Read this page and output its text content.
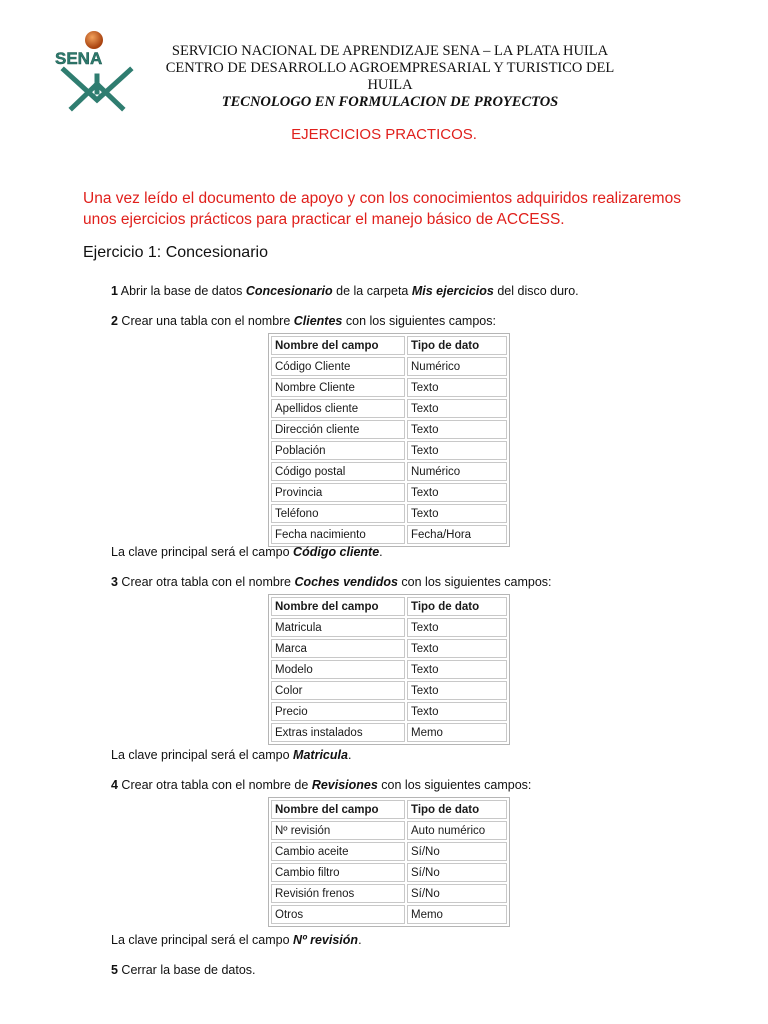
SENA	SERVICIO NACIONAL DE APRENDIZAJE SENA – LA PLATA HUILA
CENTRO DE DESARROLLO AGROEMPRESARIAL Y TURISTICO DEL HUILA
TECNOLOGO EN FORMULACION DE PROYECTOS
EJERCICIOS PRACTICOS.
Una vez leído el documento de apoyo y con los conocimientos adquiridos realizaremos unos ejercicios prácticos para practicar el manejo básico de ACCESS.
Ejercicio 1: Concesionario
1 Abrir la base de datos Concesionario de la carpeta Mis ejercicios del disco duro.
2 Crear una tabla con el nombre Clientes con los siguientes campos:
Nombre del campo	Tipo de dato
Código Cliente	Numérico
Nombre Cliente	Texto
Apellidos cliente	Texto
Dirección cliente	Texto
Población	Texto
Código postal	Numérico
Provincia	Texto
Teléfono	Texto
Fecha nacimiento	Fecha/Hora
La clave principal será el campo Código cliente.
3 Crear otra tabla con el nombre Coches vendidos con los siguientes campos:
Nombre del campo	Tipo de dato
Matricula	Texto
Marca	Texto
Modelo	Texto
Color	Texto
Precio	Texto
Extras instalados	Memo
La clave principal será el campo Matricula.
4 Crear otra tabla con el nombre de Revisiones con los siguientes campos:
Nombre del campo	Tipo de dato
Nº revisión	Auto numérico
Cambio aceite	Sí/No
Cambio filtro	Sí/No
Revisión frenos	Sí/No
Otros	Memo
La clave principal será el campo Nº revisión.
5 Cerrar la base de datos.
